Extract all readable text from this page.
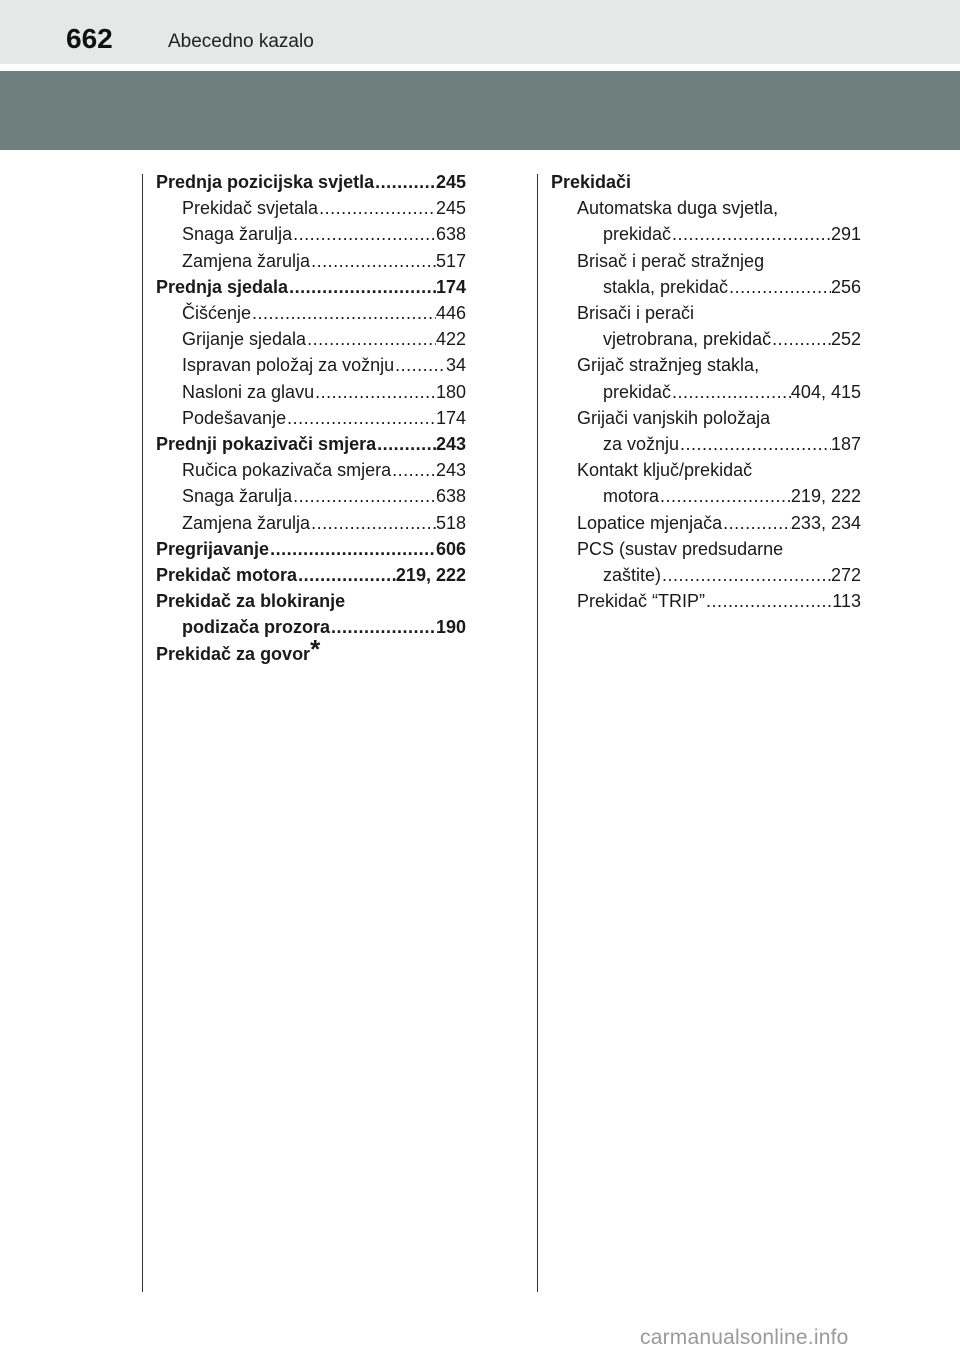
662	Abecedno kazalo
Prednja pozicijska svjetla .....	245
Prekidač svjetala .....	245
Snaga žarulja .....	638
Zamjena žarulja .....	517
Prednja sjedala .....	174
Čišćenje .....	446
Grijanje sjedala .....	422
Ispravan položaj za vožnju .....	34
Nasloni za glavu .....	180
Podešavanje .....	174
Prednji pokazivači smjera .....	243
Ručica pokazivača smjera ..... 243
Snaga žarulja .....	638
Zamjena žarulja .....	518
Pregrijavanje .....	606
Prekidač motora .....	219, 222
Prekidač za blokiranje
podizača prozora .....	190
Prekidač za govor *
Prekidači
Automatska duga svjetla,
prekidač .....	291
Brisač i perač stražnjeg
stakla, prekidač .....	256
Brisači i perači
vjetrobrana, prekidač .....	252
Grijač stražnjeg stakla,
prekidač .....	404, 415
Grijači vanjskih položaja
za vožnju .....	187
Kontakt ključ/prekidač
motora .....	219, 222
Lopatice mjenjača .....	233, 234
PCS (sustav predsudarne
zaštite) .....	272
Prekidač “TRIP” .....	113
carmanualsonline.info
